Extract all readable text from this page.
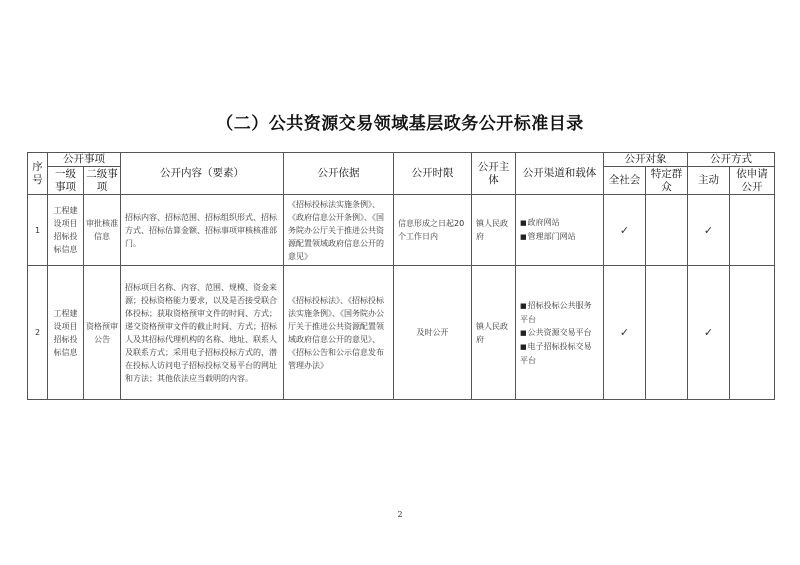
（二）公共资源交易领域基层政务公开标准目录
序号	公开事项		公开内容（要素）	公开依据	公开时限	公开主体	公开渠道和载体	公开对象		公开方式	
	一级事项	二级事项						全社会	特定群众	主动	依申请公开
1	工程建设项目招标投标信息	审批核准信息	招标内容、招标范围、招标组织形式、招标方式、招标估算金额、招标事项审核核准部门。	《招标投标法实施条例》、《政府信息公开条例》、《国务院办公厅关于推进公共资源配置领域政府信息公开的意见》	信息形成之日起20个工作日内	镇人民政府	■ 政府网站
■ 管理部门网站	✓		✓	
2	工程建设项目招标投标信息	资格预审公告	招标项目名称、内容、范围、规模、资金来源；投标资格能力要求，以及是否接受联合体投标；获取资格预审文件的时间、方式；递交资格预审文件的截止时间、方式；招标人及其招标代理机构的名称、地址、联系人及联系方式；采用电子招标投标方式的，潜在投标人访问电子招标投标交易平台的网址和方法；其他依法应当载明的内容。	《招标投标法》、《招标投标法实施条例》、《国务院办公厅关于推进公共资源配置领域政府信息公开的意见》、《招标公告和公示信息发布管理办法》	及时公开	镇人民政府	■ 招标投标公共服务平台
■ 公共资源交易平台
■ 电子招标投标交易平台	✓		✓	
2
